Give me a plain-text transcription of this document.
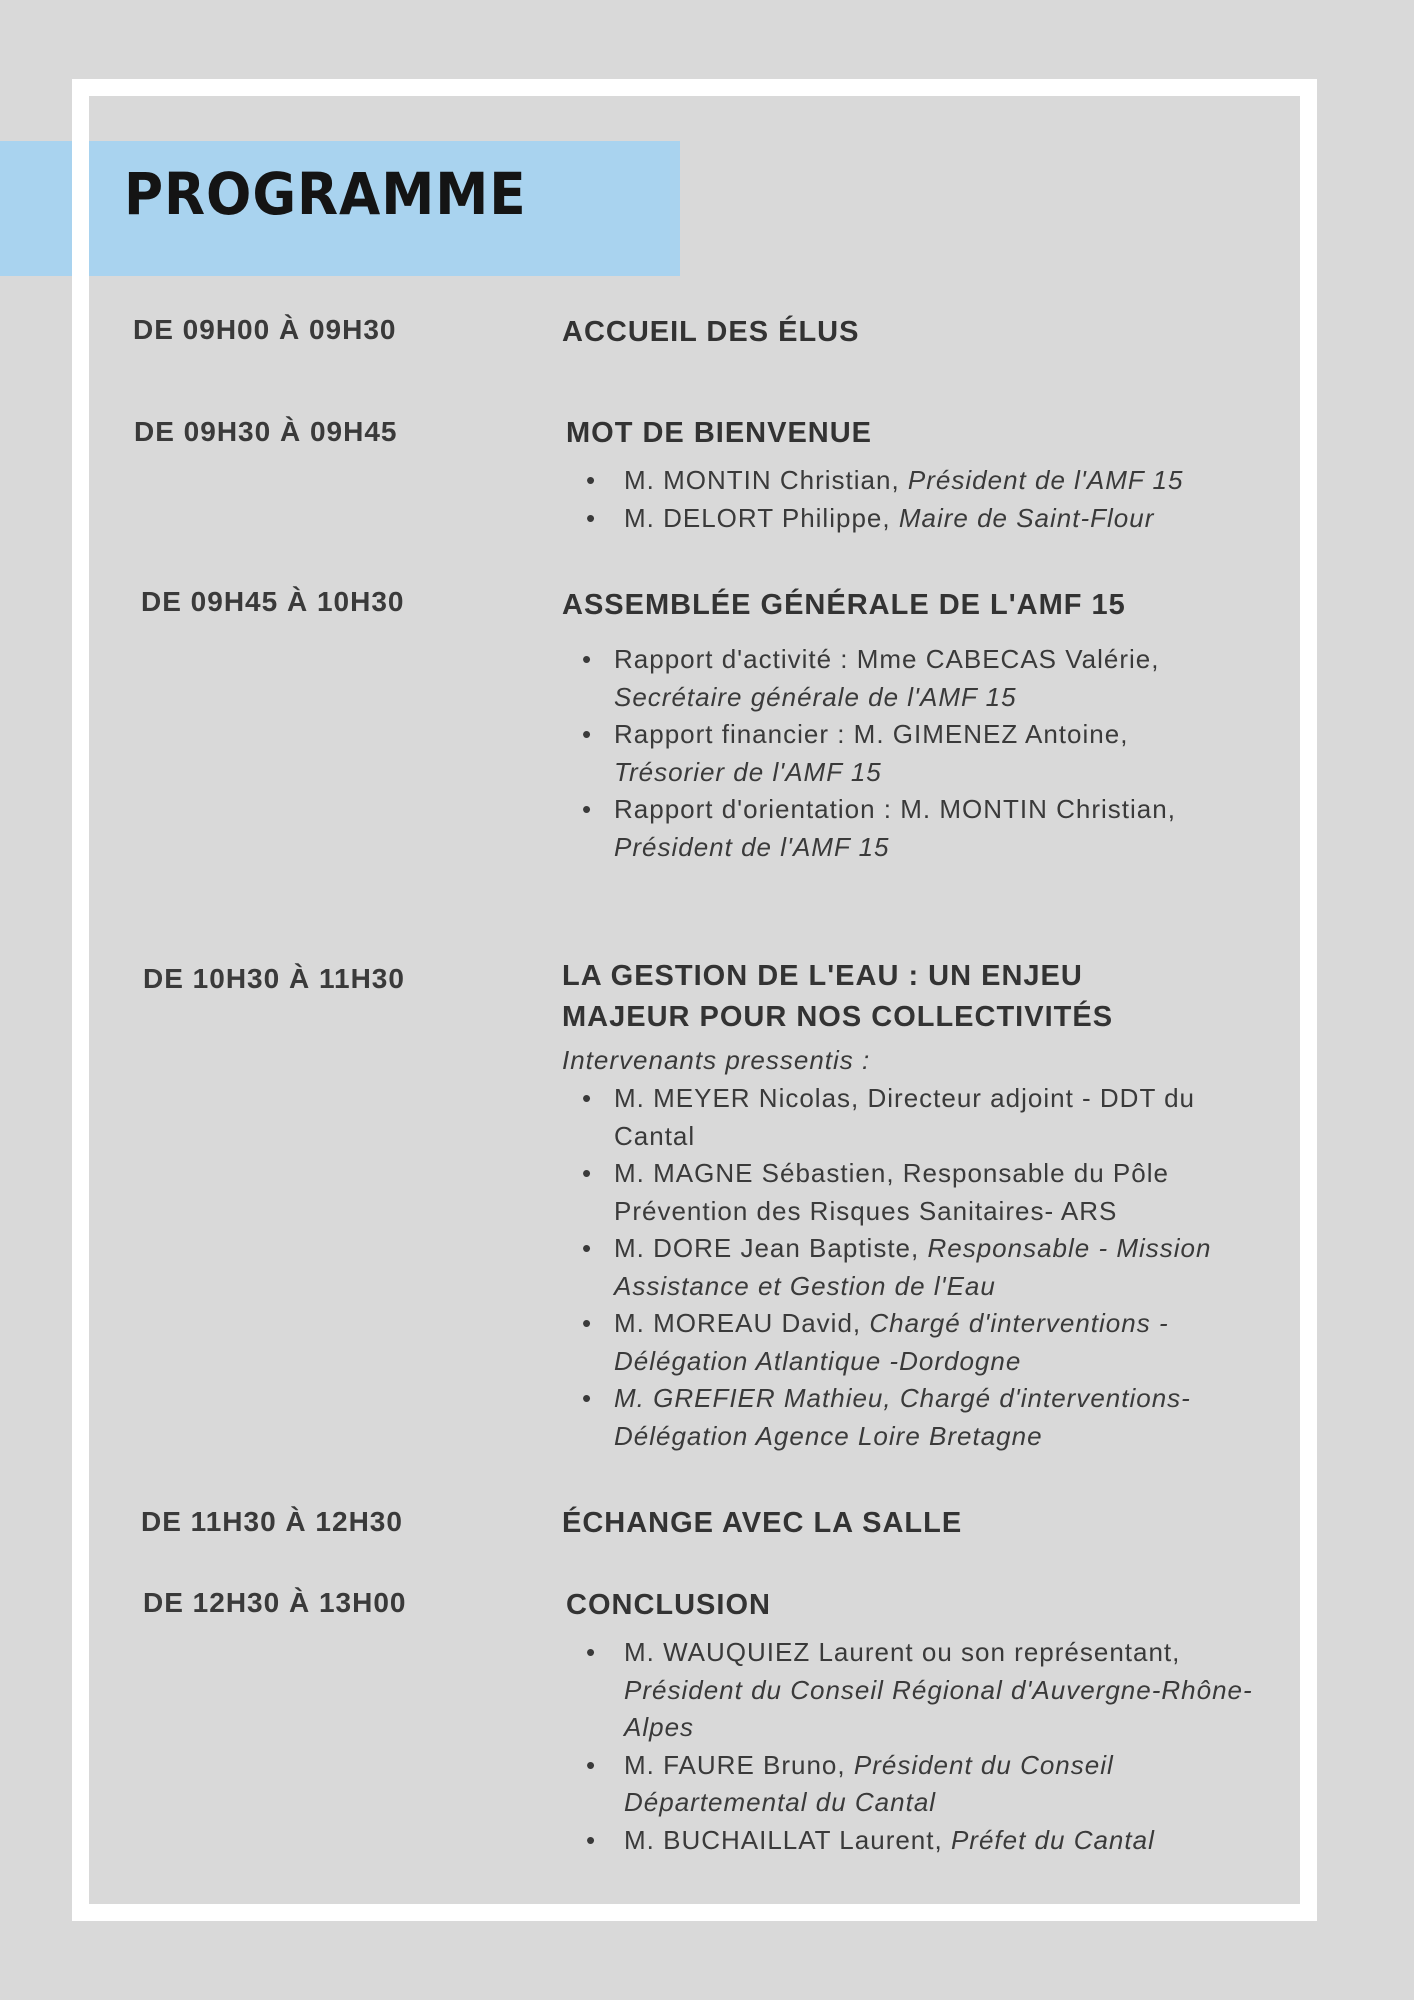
PROGRAMME
DE 09H00 À 09H30	ACCUEIL DES ÉLUS

DE 09H30 À 09H45	MOT DE BIENVENUE

• M. MONTIN Christian, Président de l'AMF 15
• M. DELORT Philippe, Maire de Saint-Flour
DE 09H45 À 10H30	ASSEMBLÉE GÉNÉRALE DE L'AMF 15

• Rapport d'activité : Mme CABECAS Valérie,
Secrétaire générale de l'AMF 15
• Rapport financier : M. GIMENEZ Antoine,
Trésorier de l'AMF 15
• Rapport d'orientation : M. MONTIN Christian,
Président de l'AMF 15
DE 10H30 À 11H30	LA GESTION DE L'EAU : UN ENJEU

MAJEUR POUR NOS COLLECTIVITÉS

Intervenants pressentis :

• M. MEYER Nicolas, Directeur adjoint - DDT du Cantal
• M. MAGNE Sébastien, Responsable du Pôle Prévention des Risques Sanitaires- ARS
• M. DORE Jean Baptiste, Responsable - Mission Assistance et Gestion de l'Eau
• M. MOREAU David, Chargé d'interventions - Délégation Atlantique -Dordogne
• M. GREFIER Mathieu, Chargé d'interventions- Délégation Agence Loire Bretagne
DE 11H30 À 12H30	ÉCHANGE AVEC LA SALLE

DE 12H30 À 13H00	CONCLUSION

• M. WAUQUIEZ Laurent ou son représentant,
Président du Conseil Régional d'Auvergne-Rhône-Alpes
• M. FAURE Bruno, Président du Conseil Départemental du Cantal
• M. BUCHAILLAT Laurent, Préfet du Cantal
